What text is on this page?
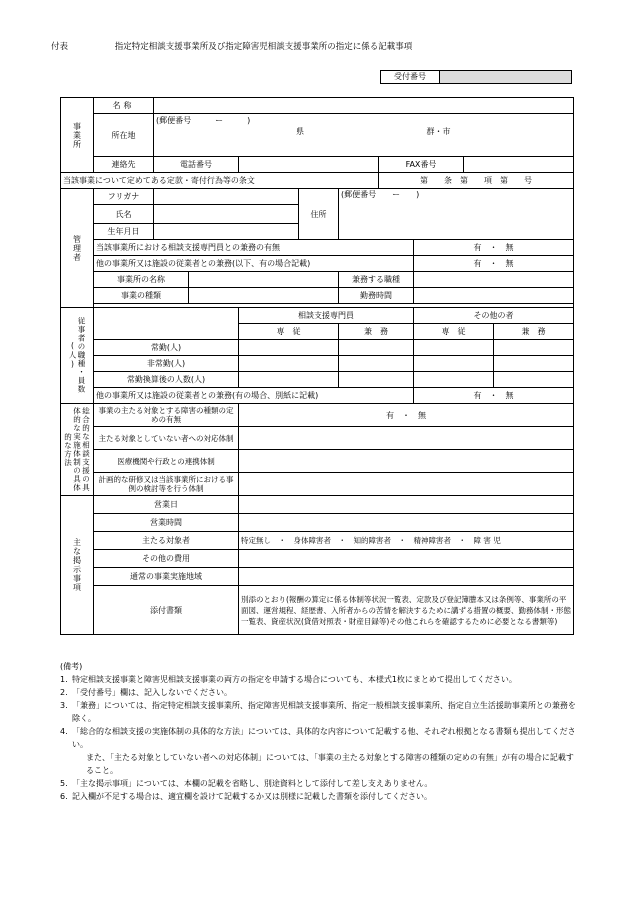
付表	指定特定相談支援事業所及び指定障害児相談支援事業所の指定に係る記載事項
受付番号
事業所	名称									
	所在地	(郵便番号　　　ー　　　)								
		県 群・市								
	連絡先	電話番号					FAX番号			
当該事業について定めてある定款・寄付行為等の条文							第　　条　第　　項　第　　号			
管理者	フリガナ				住所	(郵便番号　　ー　　)				
	氏名									
	生年月日									
	当該事業所における相談支援専門員との兼務の有無							有　・　無		
	他の事業所又は施設の従業者との兼務(以下、有の場合記載)							有　・　無		
	事業所の名称					兼務する職種				
	事業の種類					勤務時間				

従事者の職種・員数(人)				相談支援専門員				その他の者		
				専　従		兼　務		専　従		兼　務
	常勤(人)									
	非常勤(人)									
	常勤換算後の人数(人)									
	他の事業所又は施設の従業者との兼務(有の場合、別紙に記載)							有　・　無		
総合的な相談支援の具体的な実施体制の具体的な方法	事業の主たる対象とする障害の種類の定めの有無			有　・　無						
	主たる対象としていない者への対応体制									
	医療機関や行政との連携体制									
	計画的な研修又は当該事業所における事例の検討等を行う体制									
主な掲示事項	営業日									
	営業時間									
	主たる対象者			特定無し　・　身体障害者　・　知的障害者　・　精神障害者　・　障 害 児						
	その他の費用									
	通常の事業実施地域									
	添付書類			別添のとおり(報酬の算定に係る体制等状況一覧表、定款及び登記簿謄本又は条例等、事業所の平面図、運営規程、経歴書、入所者からの苦情を解決するために講ずる措置の概要、勤務体制・形態一覧表、資産状況(貸借対照表・財産目録等)その他これらを確認するために必要となる書類等)						
(備考)
1. 特定相談支援事業と障害児相談支援事業の両方の指定を申請する場合についても、本様式1枚にまとめて提出してください。
2. 「受付番号」欄は、記入しないでください。
3. 「兼務」については、指定特定相談支援事業所、指定障害児相談支援事業所、指定一般相談支援事業所、指定自立生活援助事業所との兼務を除く。
4. 「総合的な相談支援の実施体制の具体的な方法」については、具体的な内容について記載する他、それぞれ根拠となる書類も提出してください。
また、「主たる対象としていない者への対応体制」については、「事業の主たる対象とする障害の種類の定めの有無」が有の場合に記載すること。
5. 「主な掲示事項」については、本欄の記載を省略し、別途資料として添付して差し支えありません。
6. 記入欄が不足する場合は、適宜欄を設けて記載するか又は別様に記載した書類を添付してください。
